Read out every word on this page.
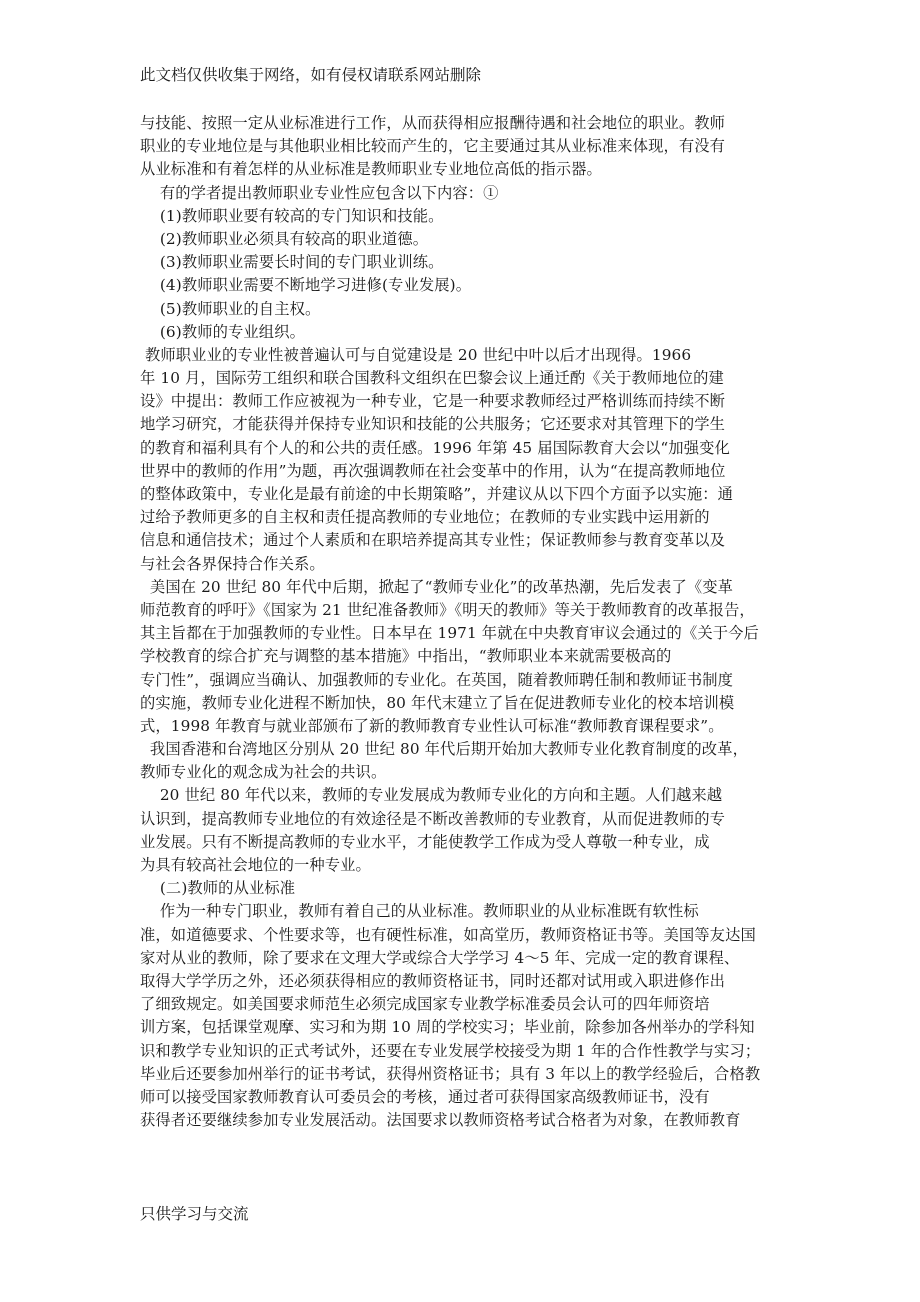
此文档仅供收集于网络，如有侵权请联系网站删除
与技能、按照一定从业标准进行工作，从而获得相应报酬待遇和社会地位的职业。教师
职业的专业地位是与其他职业相比较而产生的，它主要通过其从业标准来体现，有没有
从业标准和有着怎样的从业标准是教师职业专业地位高低的指示器。
有的学者提出教师职业专业性应包含以下内容：①
(1)教师职业要有较高的专门知识和技能。
(2)教师职业必须具有较高的职业道德。
(3)教师职业需要长时间的专门职业训练。
(4)教师职业需要不断地学习进修(专业发展)。
(5)教师职业的自主权。
(6)教师的专业组织。
教师职业业的专业性被普遍认可与自觉建设是 20 世纪中叶以后才出现得。1966
年 10 月，国际劳工组织和联合国教科文组织在巴黎会议上通迁酌《关于教师地位的建
设》中提出：教师工作应被视为一种专业，它是一种要求教师经过严格训练而持续不断
地学习研究，才能获得并保持专业知识和技能的公共服务；它还要求对其管理下的学生
的教育和福利具有个人的和公共的责任感。1996 年第 45 届国际教育大会以“加强变化
世界中的教师的作用”为题，再次强调教师在社会变革中的作用，认为“在提高教师地位
的整体政策中，专业化是最有前途的中长期策略”，并建议从以下四个方面予以实施：通
过给予教师更多的自主权和责任提高教师的专业地位；在教师的专业实践中运用新的
信息和通信技术；通过个人素质和在职培养提高其专业性；保证教师参与教育变革以及
与社会各界保持合作关系。
美国在 20 世纪 80 年代中后期，掀起了“教师专业化”的改革热潮，先后发表了《变革
师范教育的呼吁》《国家为 21 世纪准备教师》《明天的教师》等关于教师教育的改革报告，
其主旨都在于加强教师的专业性。日本早在 1971 年就在中央教育审议会通过的《关于今后
学校教育的综合扩充与调整的基本措施》中指出，“教师职业本来就需要极高的
专门性”，强调应当确认、加强教师的专业化。在英国，随着教师聘任制和教师证书制度
的实施，教师专业化进程不断加快，80 年代末建立了旨在促进教师专业化的校本培训模
式，1998 年教育与就业部颁布了新的教师教育专业性认可标准“教师教育课程要求”。
我国香港和台湾地区分别从 20 世纪 80 年代后期开始加大教师专业化教育制度的改革，
教师专业化的观念成为社会的共识。
20 世纪 80 年代以来，教师的专业发展成为教师专业化的方向和主题。人们越来越
认识到，提高教师专业地位的有效途径是不断改善教师的专业教育，从而促进教师的专
业发展。只有不断提高教师的专业水平，才能使教学工作成为受人尊敬一种专业，成
为具有较高社会地位的一种专业。
(二)教师的从业标准
作为一种专门职业，教师有着自己的从业标准。教师职业的从业标准既有软性标
准，如道德要求、个性要求等，也有硬性标准，如高堂历，教师资格证书等。美国等友达国
家对从业的教师，除了要求在文理大学或综合大学学习 4～5 年、完成一定的教育课程、
取得大学学历之外，还必须获得相应的教师资格证书，同时还都对试用或入职进修作出
了细致规定。如美国要求师范生必须完成国家专业教学标准委员会认可的四年师资培
训方案，包括课堂观摩、实习和为期 10 周的学校实习；毕业前，除参加各州举办的学科知
识和教学专业知识的正式考试外，还要在专业发展学校接受为期 1 年的合作性教学与实习；
毕业后还要参加州举行的证书考试，获得州资格证书；具有 3 年以上的教学经验后，合格教
师可以接受国家教师教育认可委员会的考核，通过者可获得国家高级教师证书，没有
获得者还要继续参加专业发展活动。法国要求以教师资格考试合格者为对象，在教师教育
只供学习与交流
